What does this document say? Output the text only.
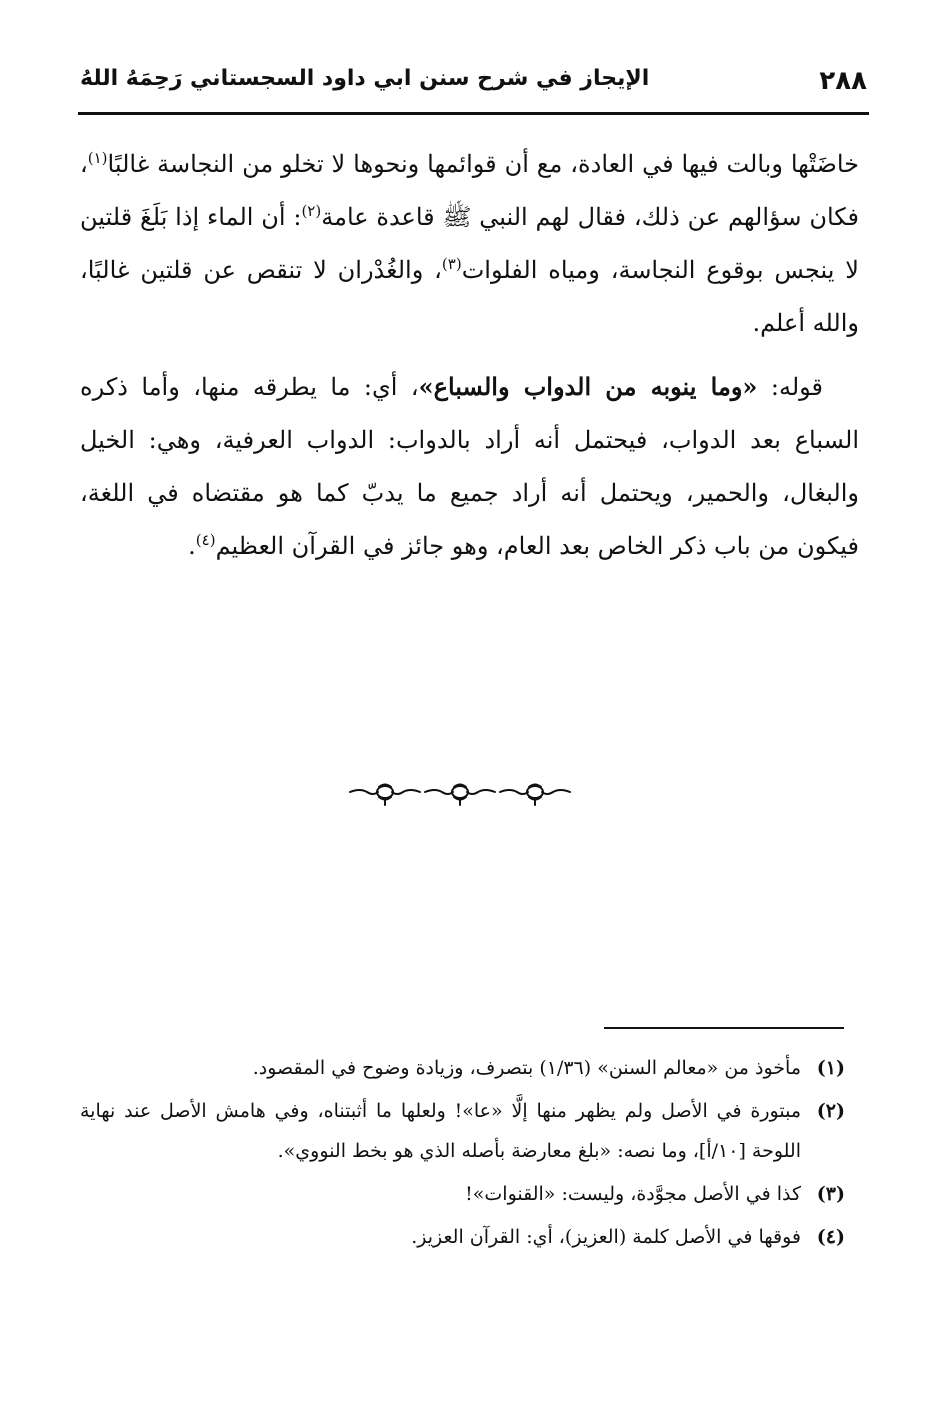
٢٨٨
الإيجاز في شرح سنن ابي داود السجستاني رَحِمَهُ اللهُ

خاضَتْها وبالت فيها في العادة، مع أن قوائمها ونحوها لا تخلو من النجاسة غالبًا$^{(١)}$، فكان سؤالهم عن ذلك، فقال لهم النبي ﷺ قاعدة عامة$^{(٢)}$: أن الماء إذا بَلَغَ قلتين لا ينجس بوقوع النجاسة، ومياه الفلوات$^{(٣)}$، والغُدْران لا تنقص عن قلتين غالبًا، والله أعلم.

قوله: «وما ينوبه من الدواب والسباع»، أي: ما يطرقه منها، وأما ذكره السباع بعد الدواب، فيحتمل أنه أراد بالدواب: الدواب العرفية، وهي: الخيل والبغال، والحمير، ويحتمل أنه أراد جميع ما يدبّ كما هو مقتضاه في اللغة، فيكون من باب ذكر الخاص بعد العام، وهو جائز في القرآن العظيم$^{(٤)}$.

(١)
مأخوذ من «معالم السنن» (١/٣٦) بتصرف، وزيادة وضوح في المقصود.
(٢)
مبتورة في الأصل ولم يظهر منها إلَّا «عا»! ولعلها ما أثبتناه، وفي هامش الأصل عند نهاية اللوحة [١٠/أ]، وما نصه: «بلغ معارضة بأصله الذي هو بخط النووي».
(٣)
كذا في الأصل مجوَّدة، وليست: «القنوات»!
(٤)
فوقها في الأصل كلمة (العزيز)، أي: القرآن العزيز.
